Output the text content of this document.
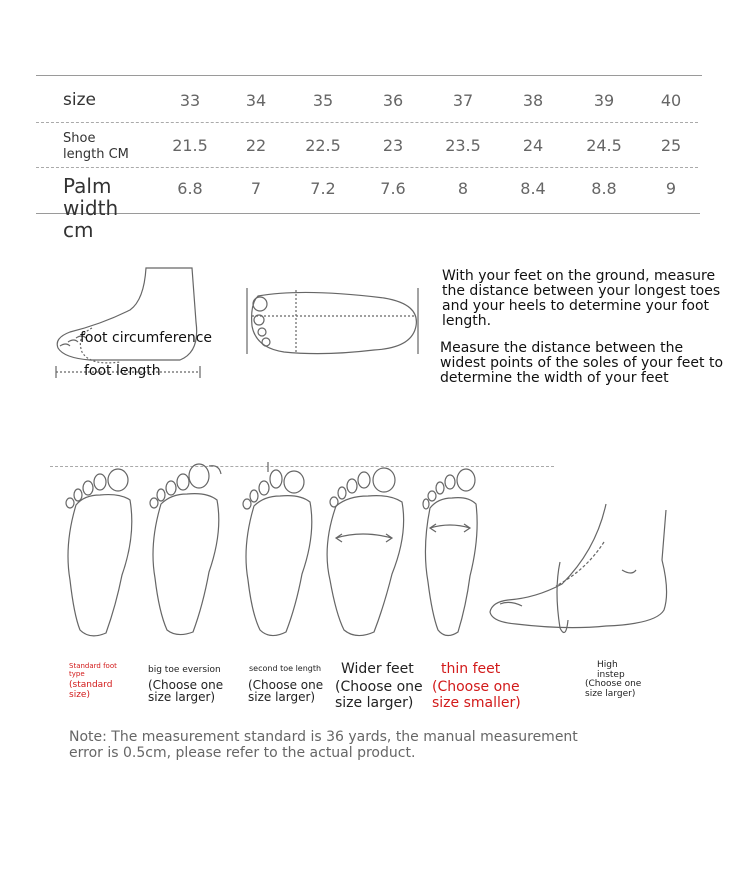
size	33	34	35	36	37	38	39	40
Shoe
length CM	21.5	22	22.5	23	23.5	24	24.5	25
Palm
width
cm
6.8	7	7.2	7.6	8	8.4	8.8	9
foot circumference
foot length
With your feet on the ground, measure the distance between your longest toes and your heels to determine your foot length.
Measure the distance between the widest points of the soles of your feet to determine the width of your feet
Standard foot type
(standard size)
big toe eversion
(Choose one size larger)
second toe length
(Choose one size larger)
Wider feet
(Choose one size larger)
thin feet
(Choose one size smaller)
High instep
(Choose one size larger)
Note: The measurement standard is 36 yards, the manual measurement error is 0.5cm, please refer to the actual product.
